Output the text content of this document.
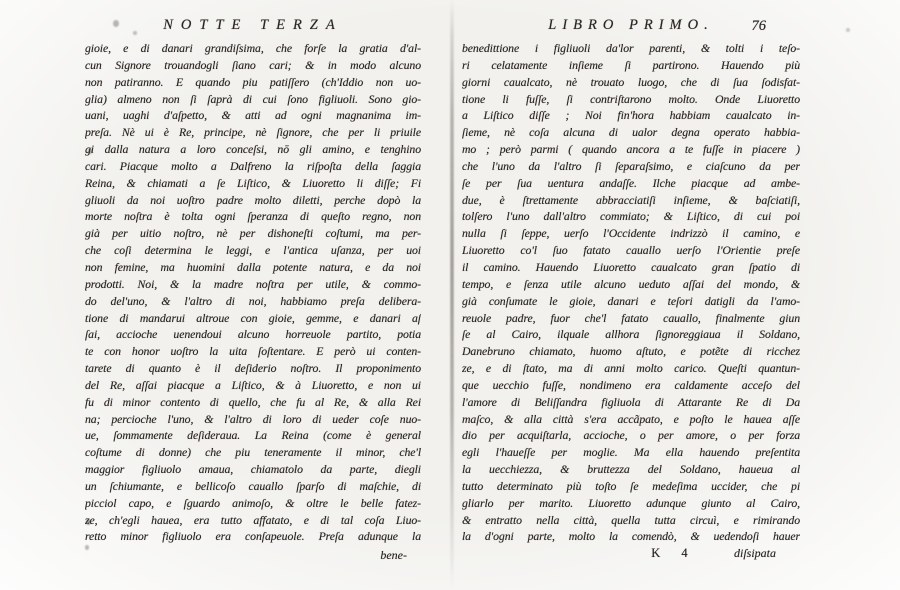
NOTTE TERZA
gioie, e di danari grandiſsima, che forſe la gratia d'al-
cun Signore trouandogli ſiano cari; & in modo alcuno
non patiranno. E quando piu patiſſero (ch'Iddio non uo-
glia) almeno non ſi ſaprà di cui ſono figliuoli. Sono gio-
uani, uaghi d'aſpetto, & atti ad ogni magnanima im-
preſa. Nè ui è Re, principe, nè ſignore, che per li priuile
gi dalla natura a loro conceſsi, nō gli amino, e tenghino
cari. Piacque molto a Dalfreno la riſpoſta della ſaggia
Reina, & chiamati a ſe Liſtico, & Liuoretto li diſſe; Fi
gliuoli da noi uoſtro padre molto diletti, perche dopò la
morte noſtra è tolta ogni ſperanza di queſto regno, non
già per uitio noſtro, nè per dishoneſti coſtumi, ma per-
che coſi determina le leggi, e l'antica uſanza, per uoi
non femine, ma huomini dalla potente natura, e da noi
prodotti. Noi, & la madre noſtra per utile, & commo-
do del'uno, & l'altro di noi, habbiamo preſa delibera-
tione di mandarui altroue con gioie, gemme, e danari aſ
ſai, accioche uenendoui alcuno horreuole partito, potia
te con honor uoſtro la uita ſoſtentare. E però ui conten-
tarete di quanto è il deſiderio noſtro. Il proponimento
del Re, aſſai piacque a Liſtico, & à Liuoretto, e non ui
fu di minor contento di quello, che fu al Re, & alla Rei
na; percioche l'uno, & l'altro di loro di ueder coſe nuo-
ue, ſommamente deſideraua. La Reina (come è general
coſtume di donne) che piu teneramente il minor, che'l
maggior figliuolo amaua, chiamatolo da parte, diegli
un ſchiumante, e bellicoſo cauallo ſparſo di maſchie, di
picciol capo, e ſguardo animoſo, & oltre le belle fatez-
ze, ch'egli hauea, era tutto affatato, e di tal coſa Liuo-
retto minor figliuolo era conſapeuole. Preſa adunque la
bene-
LIBRO PRIMO.	76
benedittione i figliuoli da'lor parenti, & tolti i teſo-
ri celatamente inſieme ſi partirono. Hauendo più
giorni caualcato, nè trouato luogo, che di ſua ſodisfat-
tione li fuſſe, ſi contriſtarono molto. Onde Liuoretto
a Liſtico diſſe ; Noi fin'hora habbiam caualcato in-
ſieme, nè coſa alcuna di ualor degna operato habbia-
mo ; però parmi ( quando ancora a te fuſſe in piacere )
che l'uno da l'altro ſi ſeparaſsimo, e ciaſcuno da per
ſe per ſua uentura andaſſe. Ilche piacque ad ambe-
due, è ſtrettamente abbracciatiſi inſieme, & baſciatiſi,
tolſero l'uno dall'altro commiato; & Liſtico, di cui poi
nulla ſi ſeppe, uerſo l'Occidente indrizzò il camino, e
Liuoretto co'l ſuo fatato cauallo uerſo l'Orientie preſe
il camino. Hauendo Liuoretto caualcato gran ſpatio di
tempo, e ſenza utile alcuno ueduto aſſai del mondo, &
già conſumate le gioie, danari e teſori datigli da l'amo-
reuole padre, fuor che'l fatato cauallo, finalmente giun
ſe al Cairo, ilquale allhora ſignoreggiaua il Soldano,
Danebruno chiamato, huomo aſtuto, e potẽte di ricchez
ze, e di ſtato, ma di anni molto carico. Queſti quantun-
que uecchio fuſſe, nondimeno era caldamente acceſo del
l'amore di Beliſſandra figliuola di Attarante Re di Da
maſco, & alla città s'era accãpato, e poſto le hauea aſſe
dio per acquiſtarla, accioche, o per amore, o per forza
egli l'haueſſe per moglie. Ma ella hauendo preſentita
la uecchiezza, & bruttezza del Soldano, haueua al
tutto determinato più toſto ſe medeſima uccider, che pi
gliarlo per marito. Liuoretto adunque giunto al Cairo,
& entratto nella città, quella tutta circuì, e rimirando
la d'ogni parte, molto la comendò, & uedendoſi hauer
K 4	diſsipata
